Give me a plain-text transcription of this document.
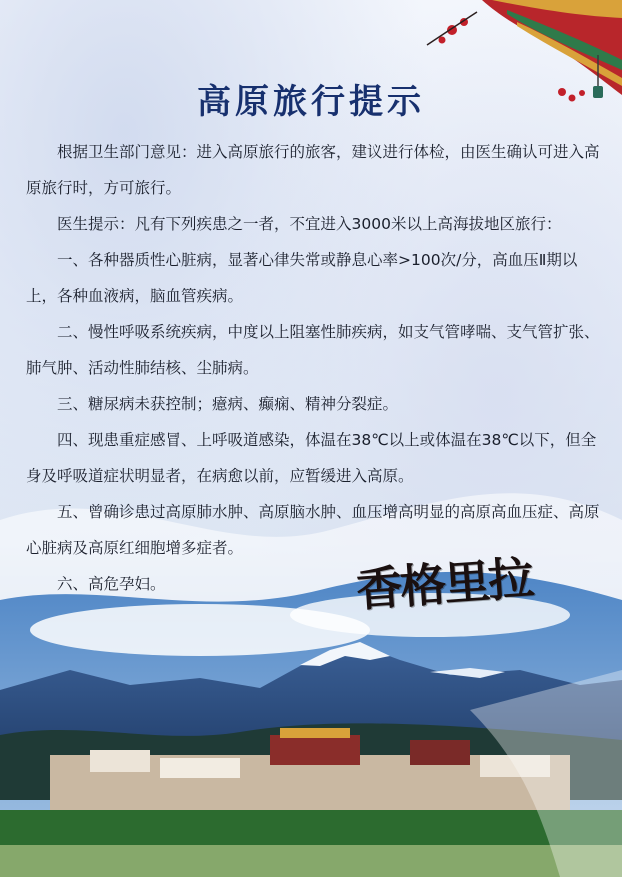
高原旅行提示

根据卫生部门意见：进入高原旅行的旅客，建议进行体检，由医生确认可进入高原旅行时，方可旅行。

医生提示：凡有下列疾患之一者，不宜进入3000米以上高海拔地区旅行：

一、各种器质性心脏病，显著心律失常或静息心率>100次/分，高血压Ⅱ期以上，各种血液病，脑血管疾病。

二、慢性呼吸系统疾病，中度以上阻塞性肺疾病，如支气管哮喘、支气管扩张、肺气肿、活动性肺结核、尘肺病。

三、糖尿病未获控制；癔病、癫痫、精神分裂症。

四、现患重症感冒、上呼吸道感染，体温在38℃以上或体温在38℃以下，但全身及呼吸道症状明显者，在病愈以前，应暂缓进入高原。

五、曾确诊患过高原肺水肿、高原脑水肿、血压增高明显的高原高血压症、高原心脏病及高原红细胞增多症者。

六、高危孕妇。	香格里拉
